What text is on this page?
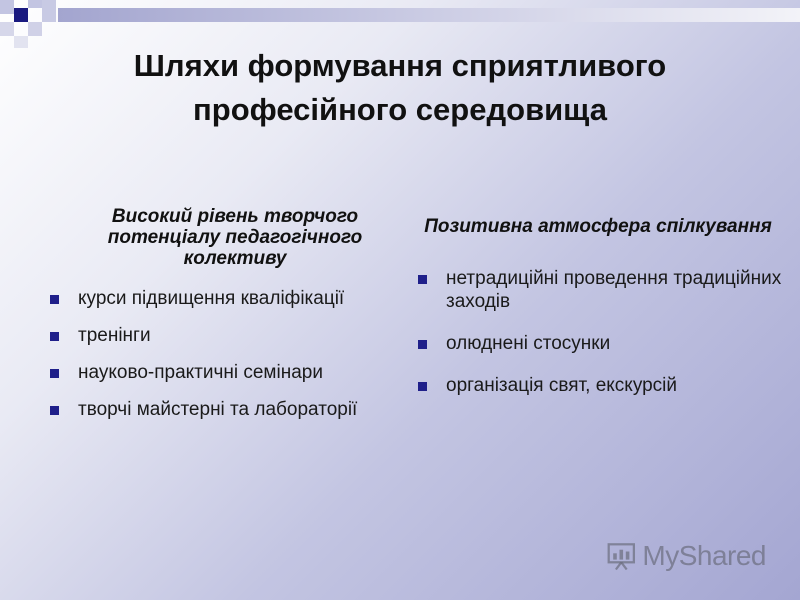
Шляхи формування сприятливого
професійного середовища
Високий рівень творчого потенціалу педагогічного колективу
курси підвищення кваліфікації
тренінги
науково-практичні семінари
творчі майстерні та лабораторії
Позитивна атмосфера спілкування
нетрадиційні проведення традиційних заходів
олюднені стосунки
організація свят, екскурсій
MyShared
